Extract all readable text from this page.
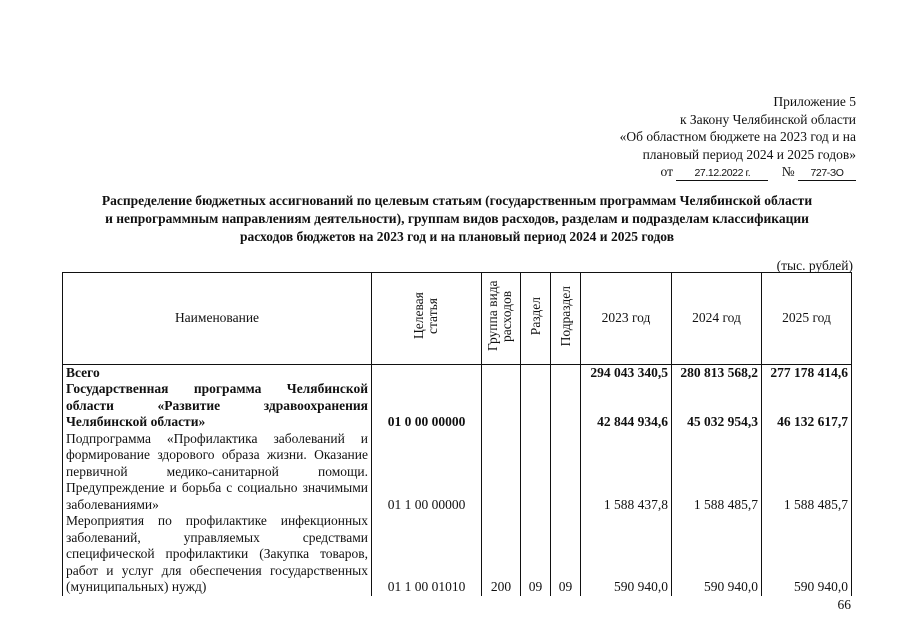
Приложение 5
к Закону Челябинской области
«Об областном бюджете на 2023 год и на
плановый период 2024 и 2025 годов»
от 27.12.2022 г. № 727-ЗО
Распределение бюджетных ассигнований по целевым статьям (государственным программам Челябинской области
и непрограммным направлениям деятельности), группам видов расходов, разделам и подразделам классификации
расходов бюджетов на 2023 год и на плановый период 2024 и 2025 годов
(тыс. рублей)
Наименование	Целевая статья	Группа вида расходов	Раздел	Подраздел	2023 год	2024 год	2025 год
Всего					294 043 340,5	280 813 568,2	277 178 414,6
Государственная программа Челябинской области «Развитие здравоохранения Челябинской области»	01 0 00 00000				42 844 934,6	45 032 954,3	46 132 617,7
Подпрограмма «Профилактика заболеваний и формирование здорового образа жизни. Оказание первичной медико-санитарной помощи. Предупреждение и борьба с социально значимыми заболеваниями»	01 1 00 00000				1 588 437,8	1 588 485,7	1 588 485,7
Мероприятия по профилактике инфекционных заболеваний, управляемых средствами специфической профилактики (Закупка товаров, работ и услуг для обеспечения государственных (муниципальных) нужд)	01 1 00 01010	200	09	09	590 940,0	590 940,0	590 940,0
66
